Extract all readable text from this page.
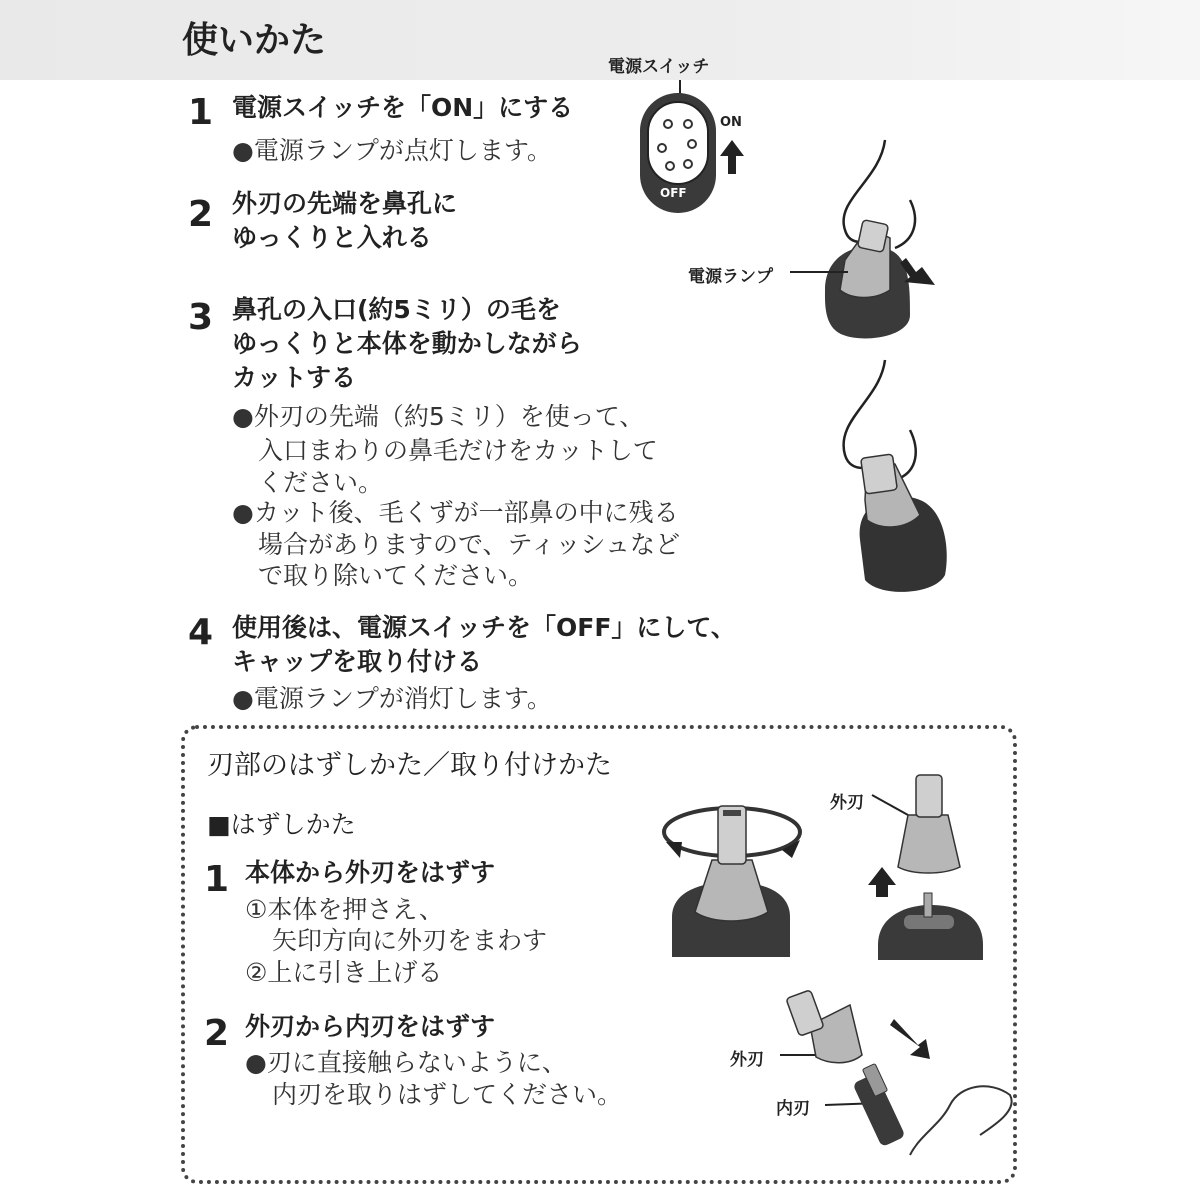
使いかた
1 電源スイッチを「ON」にする
●電源ランプが点灯します。
2 外刃の先端を鼻孔に
ゆっくりと入れる
3 鼻孔の入口(約5ミリ）の毛を
ゆっくりと本体を動かしながら
カットする
●外刃の先端（約5ミリ）を使って、
入口まわりの鼻毛だけをカットして
ください。
●カット後、毛くずが一部鼻の中に残る
場合がありますので、ティッシュなど
で取り除いてください。
4 使用後は、電源スイッチを「OFF」にして、
キャップを取り付ける
●電源ランプが消灯します。
電源スイッチ
ON
OFF
電源ランプ
刃部のはずしかた／取り付けかた
■はずしかた
1 本体から外刃をはずす
①本体を押さえ、
矢印方向に外刃をまわす
②上に引き上げる
2 外刃から内刃をはずす
●刃に直接触らないように、
内刃を取りはずしてください。
外刃
外刃
内刃
